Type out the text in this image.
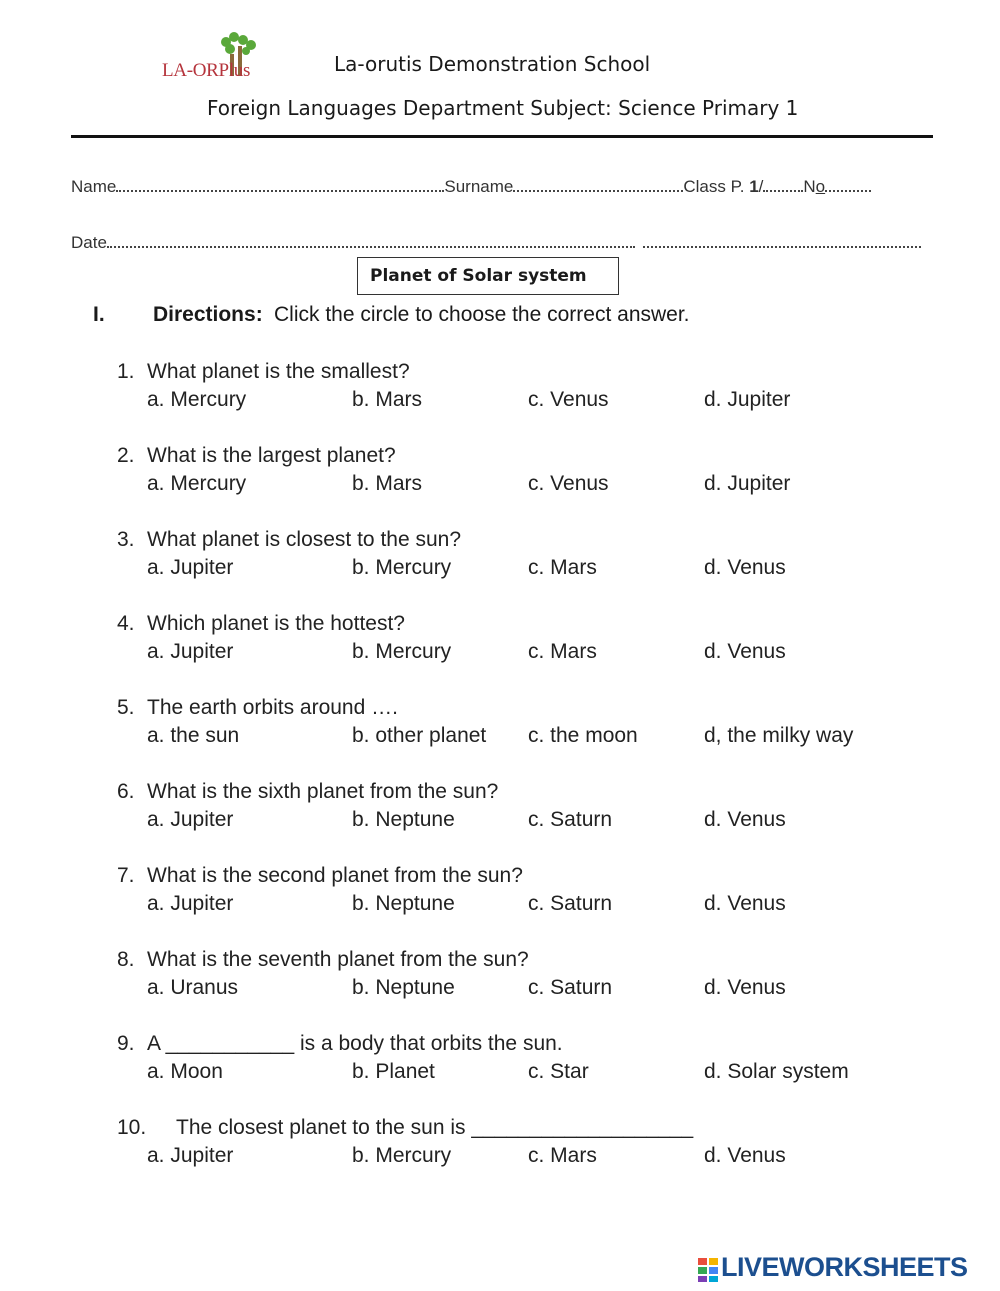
LA-ORPlus	La-orutis Demonstration School
Foreign Languages Department Subject: Science Primary 1
Name	Surname	Class P. 1/ No
Date
Planet of Solar system
I. Directions: Click the circle to choose the correct answer.
1. What planet is the smallest?
a. Mercury	b. Mars	c. Venus	d. Jupiter
2. What is the largest planet?
a. Mercury	b. Mars	c. Venus	d. Jupiter
3. What planet is closest to the sun?
a. Jupiter	b. Mercury	c. Mars	d. Venus
4. Which planet is the hottest?
a. Jupiter	b. Mercury	c. Mars	d. Venus
5. The earth orbits around ….
a. the sun	b. other planet c. the moon	d, the milky way
6. What is the sixth planet from the sun?
a. Jupiter	b. Neptune	c. Saturn	d. Venus
7. What is the second planet from the sun?
a. Jupiter	b. Neptune	c. Saturn	d. Venus
8. What is the seventh planet from the sun?
a. Uranus	b. Neptune	c. Saturn	d. Venus
9. A ___________ is a body that orbits the sun.
a. Moon	b. Planet	c. Star	d. Solar system
10. The closest planet to the sun is ___________________
a. Jupiter	b. Mercury	c. Mars	d. Venus
LIVEWORKSHEETS
